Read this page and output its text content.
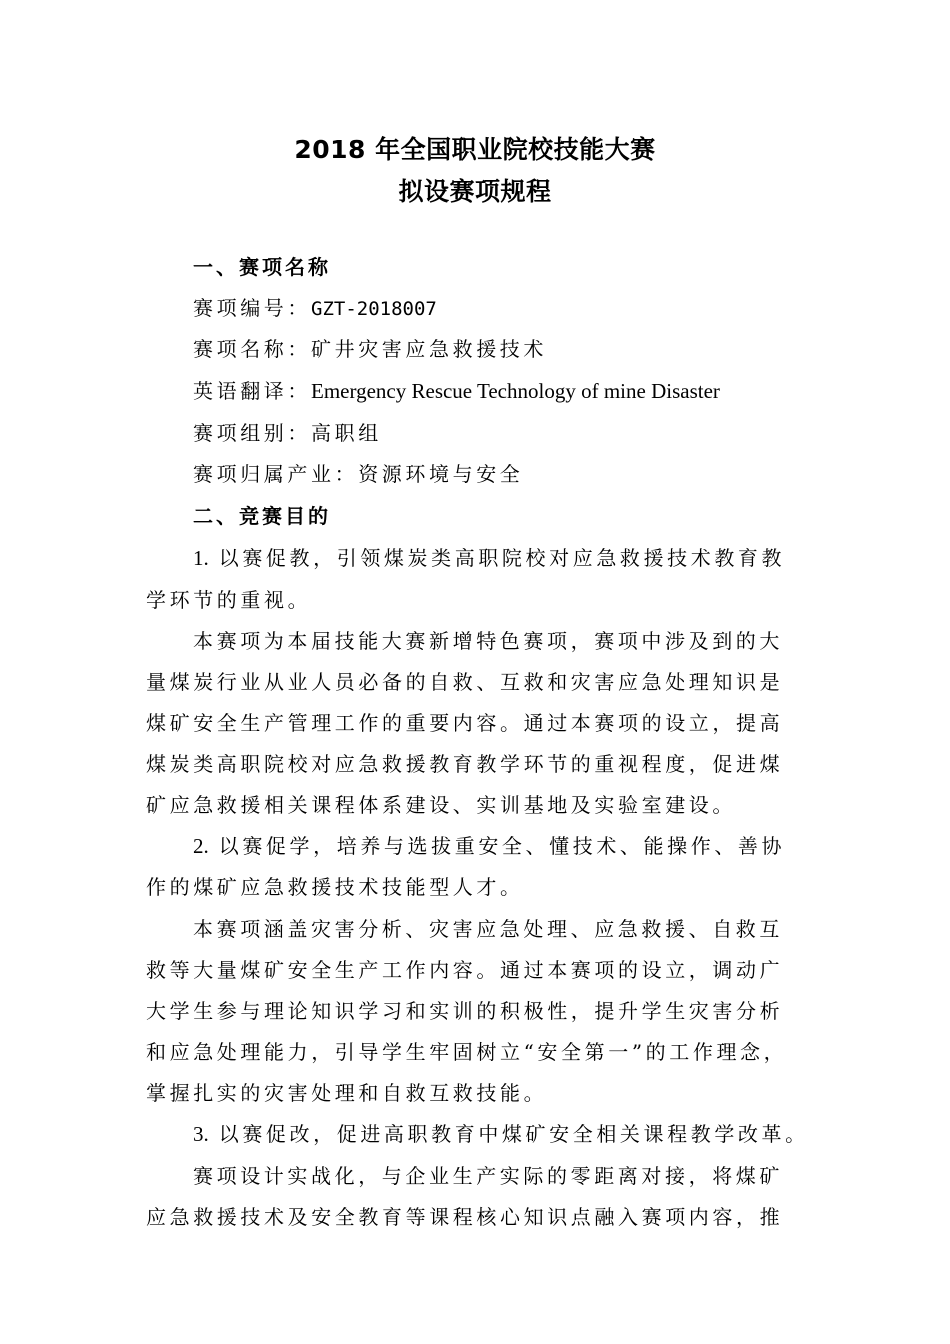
2018 年全国职业院校技能大赛
拟设赛项规程
一、赛项名称
赛项编号：GZT-2018007
赛项名称：矿井灾害应急救援技术
英语翻译：Emergency Rescue Technology of mine Disaster
赛项组别：高职组
赛项归属产业：资源环境与安全
二、竞赛目的
1. 以赛促教，引领煤炭类高职院校对应急救援技术教育教
学环节的重视。
本赛项为本届技能大赛新增特色赛项，赛项中涉及到的大
量煤炭行业从业人员必备的自救、互救和灾害应急处理知识是
煤矿安全生产管理工作的重要内容。通过本赛项的设立，提高
煤炭类高职院校对应急救援教育教学环节的重视程度，促进煤
矿应急救援相关课程体系建设、实训基地及实验室建设。
2. 以赛促学，培养与选拔重安全、懂技术、能操作、善协
作的煤矿应急救援技术技能型人才。
本赛项涵盖灾害分析、灾害应急处理、应急救援、自救互
救等大量煤矿安全生产工作内容。通过本赛项的设立，调动广
大学生参与理论知识学习和实训的积极性，提升学生灾害分析
和应急处理能力，引导学生牢固树立“安全第一”的工作理念，
掌握扎实的灾害处理和自救互救技能。
3. 以赛促改，促进高职教育中煤矿安全相关课程教学改革。
赛项设计实战化，与企业生产实际的零距离对接，将煤矿
应急救援技术及安全教育等课程核心知识点融入赛项内容，推
